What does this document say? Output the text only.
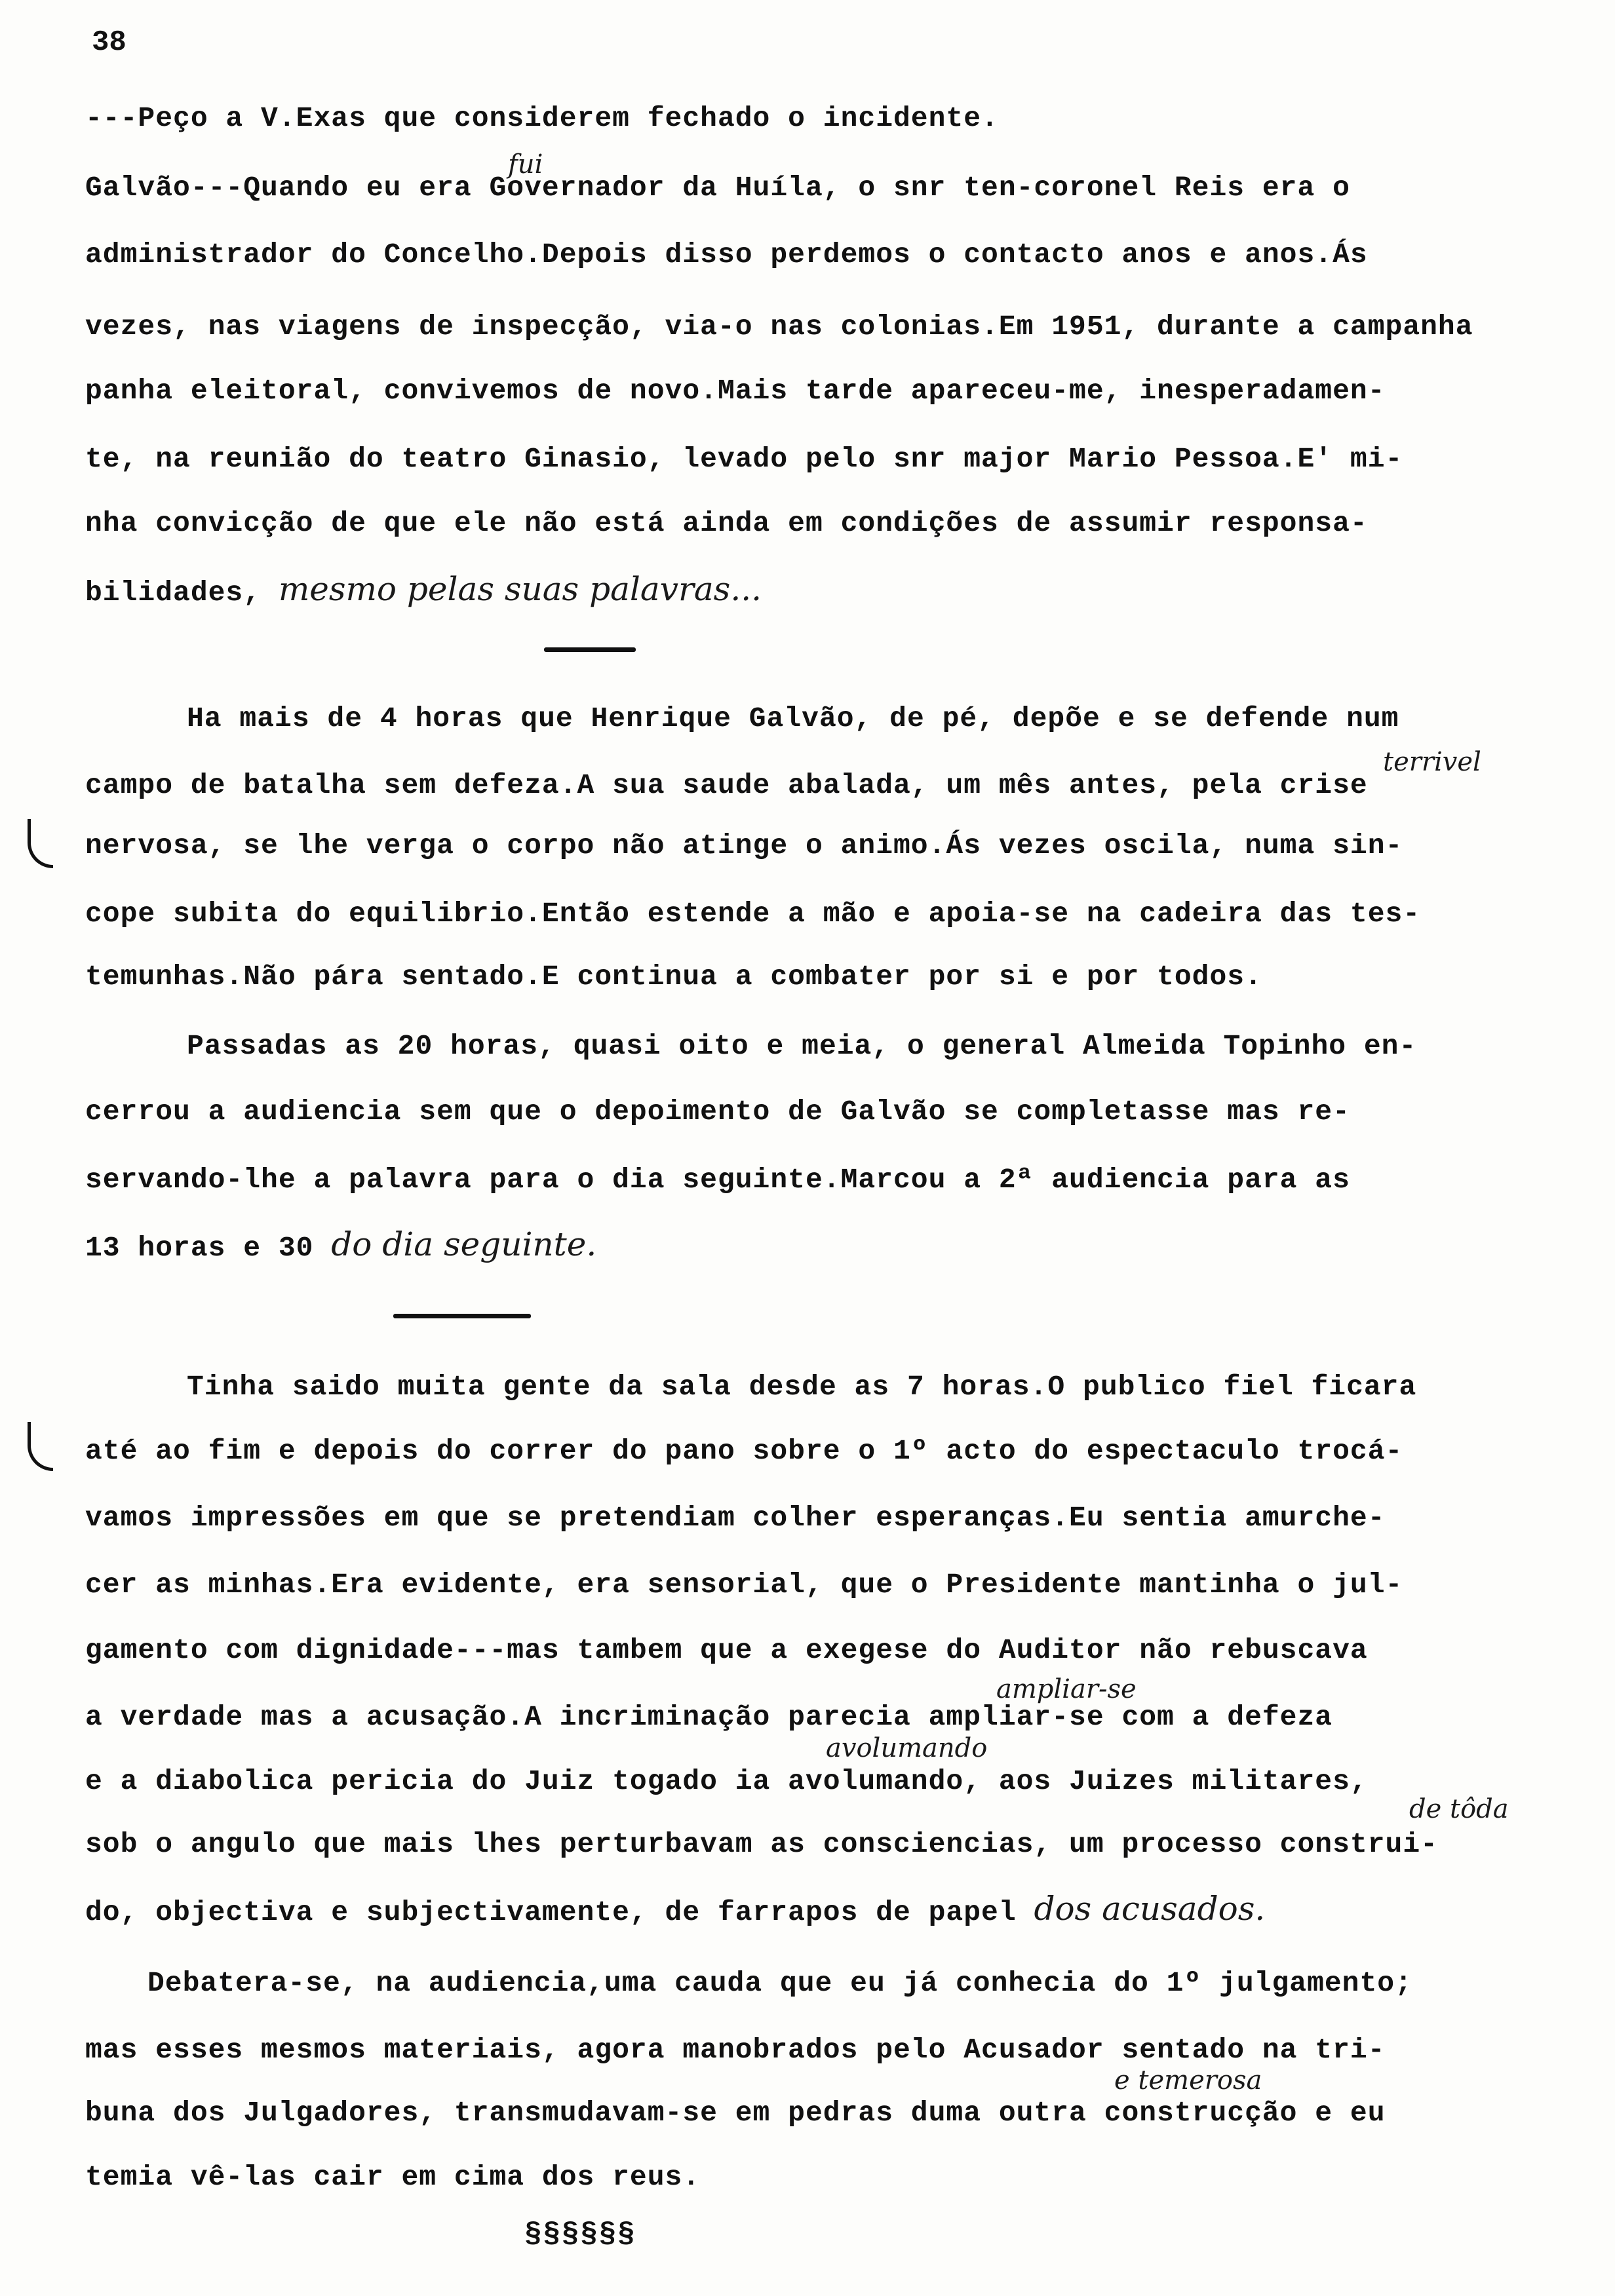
38
fui
---Peço a V.Exas que considerem fechado o incidente.
Galvão---Quando eu era Governador da Huíla, o snr ten-coronel Reis era o
administrador do Concelho.Depois disso perdemos o contacto anos e anos.Ás
vezes, nas viagens de inspecção, via-o nas colonias.Em 1951, durante a campanha
panha eleitoral, convivemos de novo.Mais tarde apareceu-me, inesperadamen-
te, na reunião do teatro Ginasio, levado pelo snr major Mario Pessoa.E' mi-
nha convicção de que ele não está ainda em condições de assumir responsa-
bilidades, mesmo pelas suas palavras...
terrivel
Ha mais de 4 horas que Henrique Galvão, de pé, depõe e se defende num
campo de batalha sem defeza.A sua saude abalada, um mês antes, pela crise
nervosa, se lhe verga o corpo não atinge o animo.Ás vezes oscila, numa sin-
cope subita do equilibrio.Então estende a mão e apoia-se na cadeira das tes-
temunhas.Não pára sentado.E continua a combater por si e por todos.
Passadas as 20 horas, quasi oito e meia, o general Almeida Topinho en-
cerrou a audiencia sem que o depoimento de Galvão se completasse mas re-
servando-lhe a palavra para o dia seguinte.Marcou a 2ª audiencia para as
13 horas e 30 do dia seguinte.
Tinha saido muita gente da sala desde as 7 horas.O publico fiel ficara
até ao fim e depois do correr do pano sobre o 1º acto do espectaculo trocá-
vamos impressões em que se pretendiam colher esperanças.Eu sentia amurche-
cer as minhas.Era evidente, era sensorial, que o Presidente mantinha o jul-
gamento com dignidade---mas tambem que a exegese do Auditor não rebuscava
ampliar-se
a verdade mas a acusação.A incriminação parecia ampliar-se com a defeza
avolumando
e a diabolica pericia do Juiz togado ia avolumando, aos Juizes militares,
de tôda
sob o angulo que mais lhes perturbavam as consciencias, um processo construi-
do, objectiva e subjectivamente, de farrapos de papel dos acusados.
Debatera-se, na audiencia,uma cauda que eu já conhecia do 1º julgamento;
mas esses mesmos materiais, agora manobrados pelo Acusador sentado na tri-
e temerosa
buna dos Julgadores, transmudavam-se em pedras duma outra construcção e eu
temia vê-las cair em cima dos reus.
§§§§§§
